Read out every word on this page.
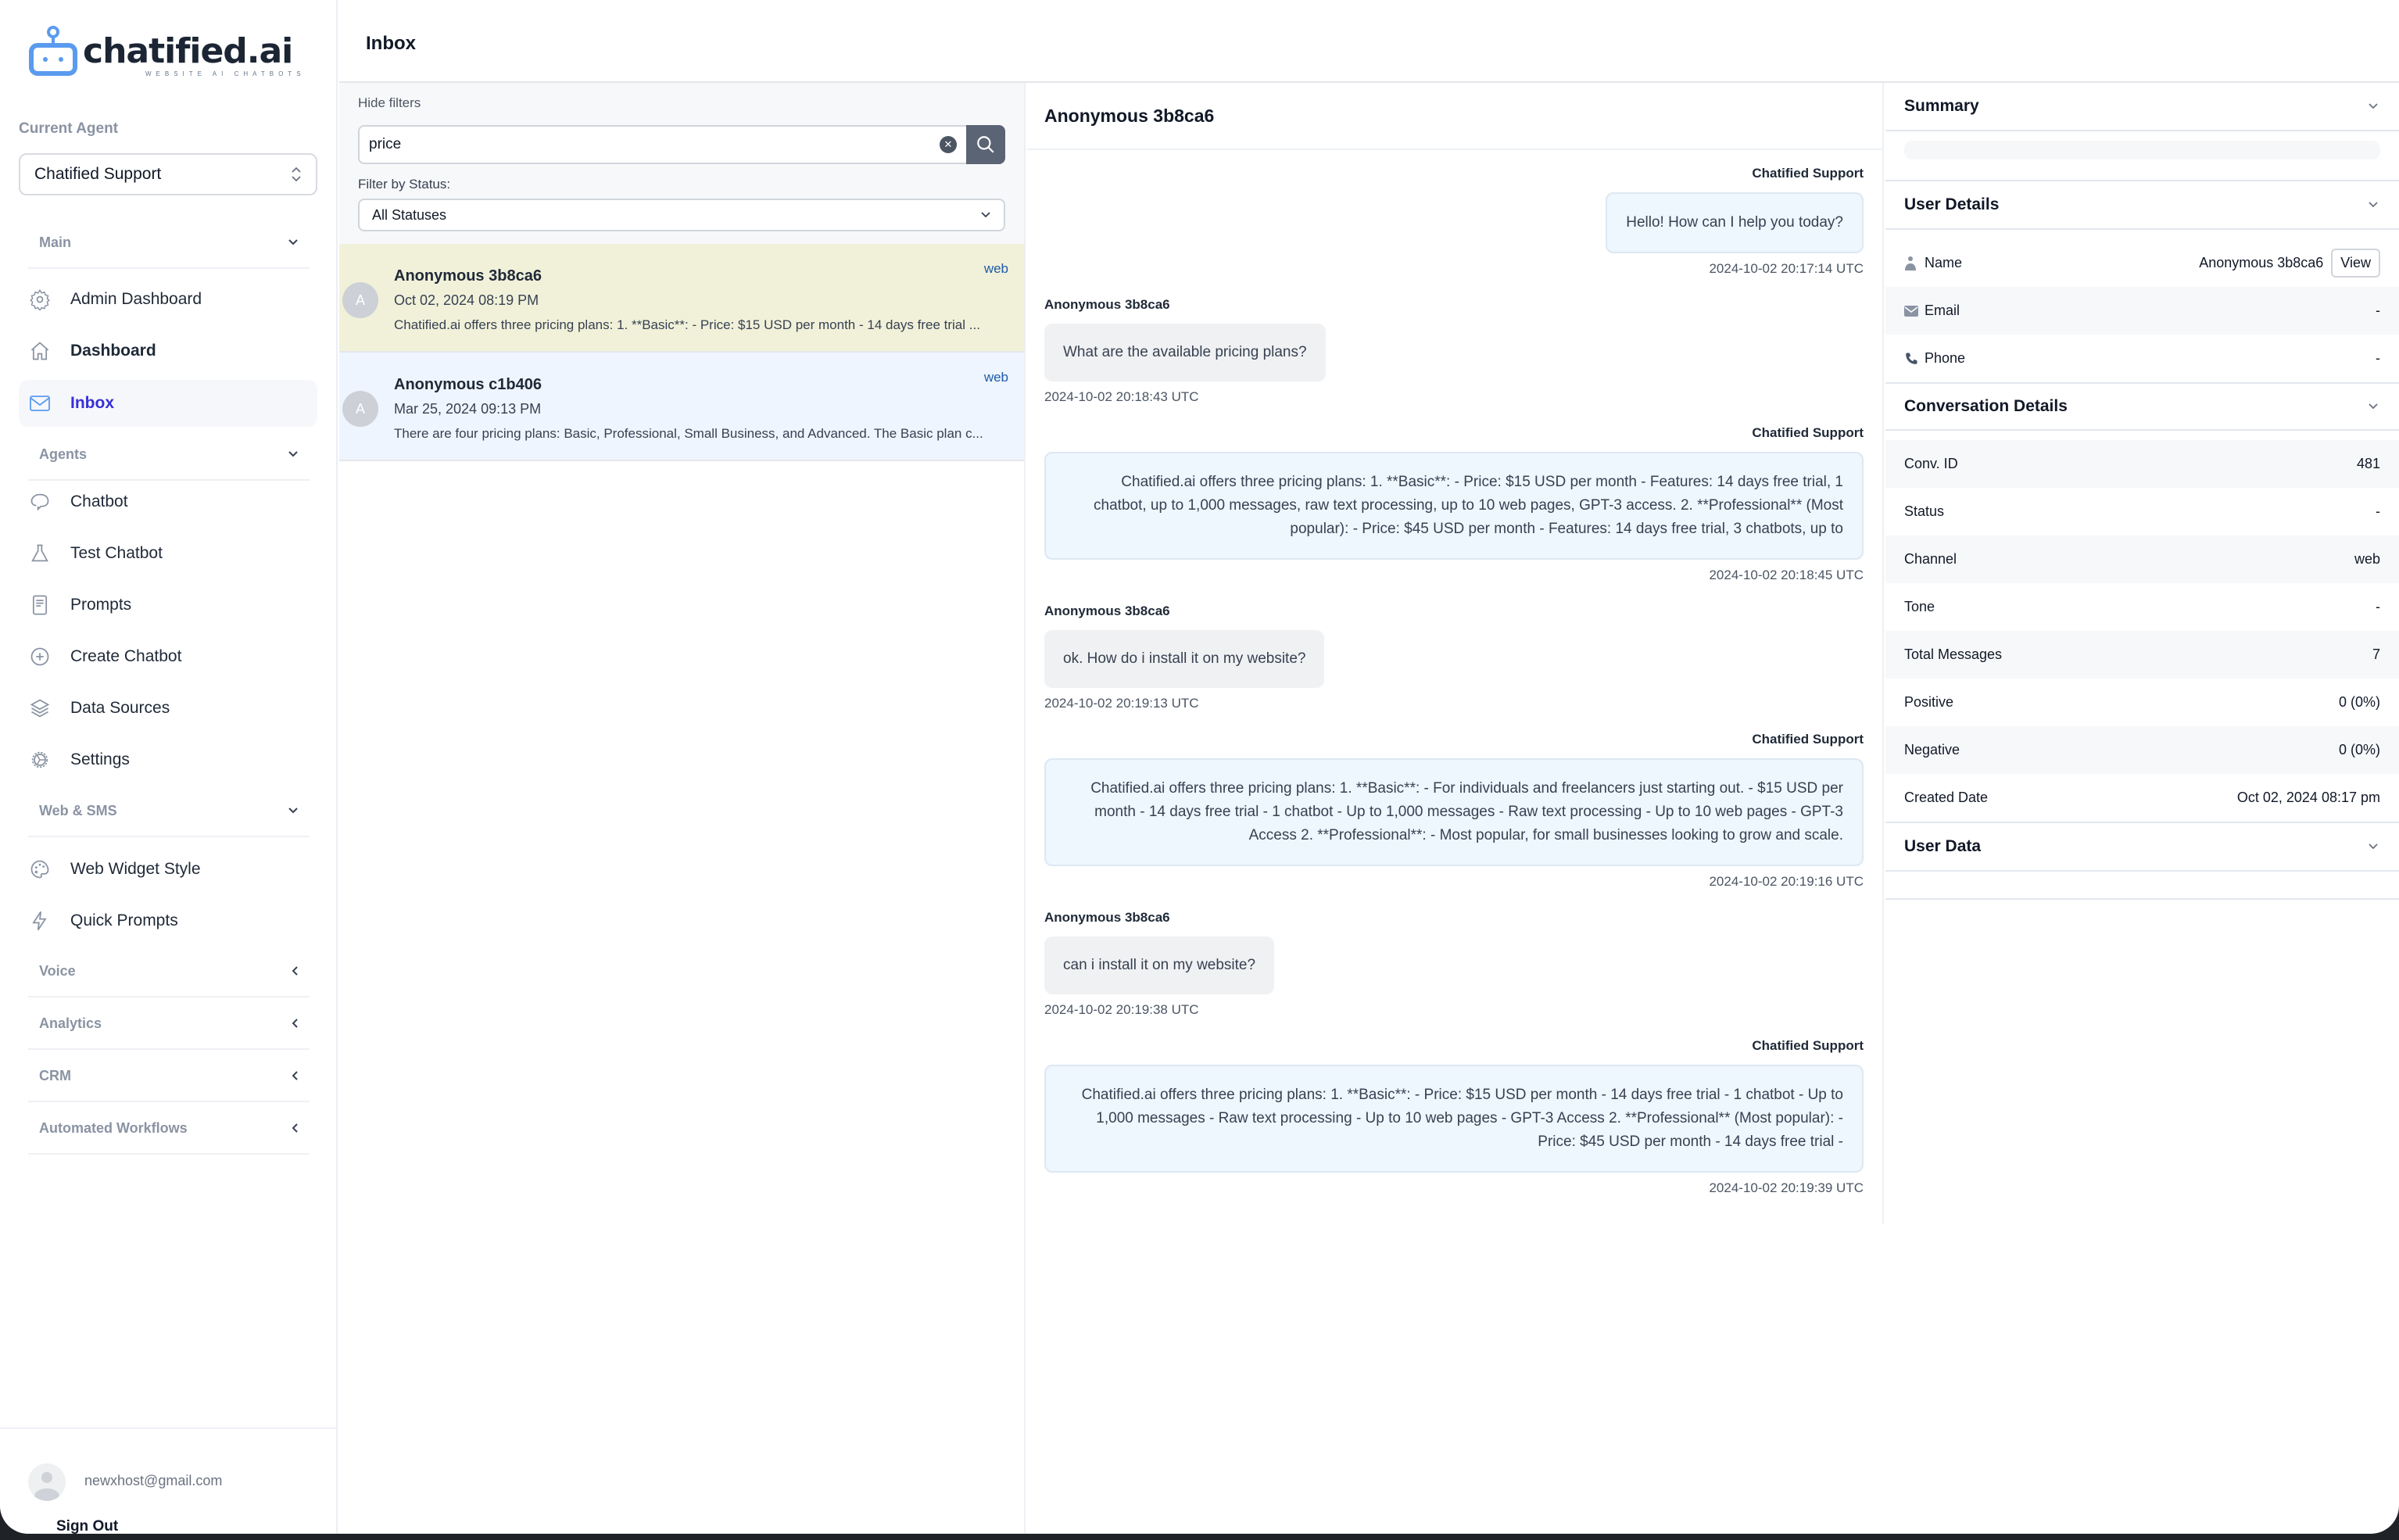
chatified.ai
WEBSITE AI CHATBOTS
Current Agent
Chatified Support
Main
Admin Dashboard
Dashboard
Inbox
Agents
Chatbot
Test Chatbot
Prompts
Create Chatbot
Data Sources
Settings
Web & SMS
Web Widget Style
Quick Prompts
Voice
Analytics
CRM
Automated Workflows
newxhost@gmail.com
Sign Out
Inbox
Hide filters
price
✕
Filter by Status:
All Statuses
A
Anonymous 3b8ca6
Oct 02, 2024 08:19 PM
Chatified.ai offers three pricing plans: 1. **Basic**: - Price: $15 USD per month - 14 days free trial ...
web
A
Anonymous c1b406
Mar 25, 2024 09:13 PM
There are four pricing plans: Basic, Professional, Small Business, and Advanced. The Basic plan c...
web
Anonymous 3b8ca6
Chatified Support
Hello! How can I help you today?
2024-10-02 20:17:14 UTC
Anonymous 3b8ca6
What are the available pricing plans?
2024-10-02 20:18:43 UTC
Chatified Support
Chatified.ai offers three pricing plans: 1. **Basic**: - Price: $15 USD per month - Features: 14 days free trial, 1 chatbot, up to 1,000 messages, raw text processing, up to 10 web pages, GPT-3 access. 2. **Professional** (Most popular): - Price: $45 USD per month - Features: 14 days free trial, 3 chatbots, up to
2024-10-02 20:18:45 UTC
Anonymous 3b8ca6
ok. How do i install it on my website?
2024-10-02 20:19:13 UTC
Chatified Support
Chatified.ai offers three pricing plans: 1. **Basic**: - For individuals and freelancers just starting out. - $15 USD per month - 14 days free trial - 1 chatbot - Up to 1,000 messages - Raw text processing - Up to 10 web pages - GPT-3 Access 2. **Professional**: - Most popular, for small businesses looking to grow and scale.
2024-10-02 20:19:16 UTC
Anonymous 3b8ca6
can i install it on my website?
2024-10-02 20:19:38 UTC
Chatified Support
Chatified.ai offers three pricing plans: 1. **Basic**: - Price: $15 USD per month - 14 days free trial - 1 chatbot - Up to 1,000 messages - Raw text processing - Up to 10 web pages - GPT-3 Access 2. **Professional** (Most popular): - Price: $45 USD per month - 14 days free trial -
2024-10-02 20:19:39 UTC
Summary
User Details
Name	Anonymous 3b8ca6	View
Email	-
Phone	-
Conversation Details
Conv. ID	481
Status	-
Channel	web
Tone	-
Total Messages	7
Positive	0 (0%)
Negative	0 (0%)
Created Date	Oct 02, 2024 08:17 pm
User Data
